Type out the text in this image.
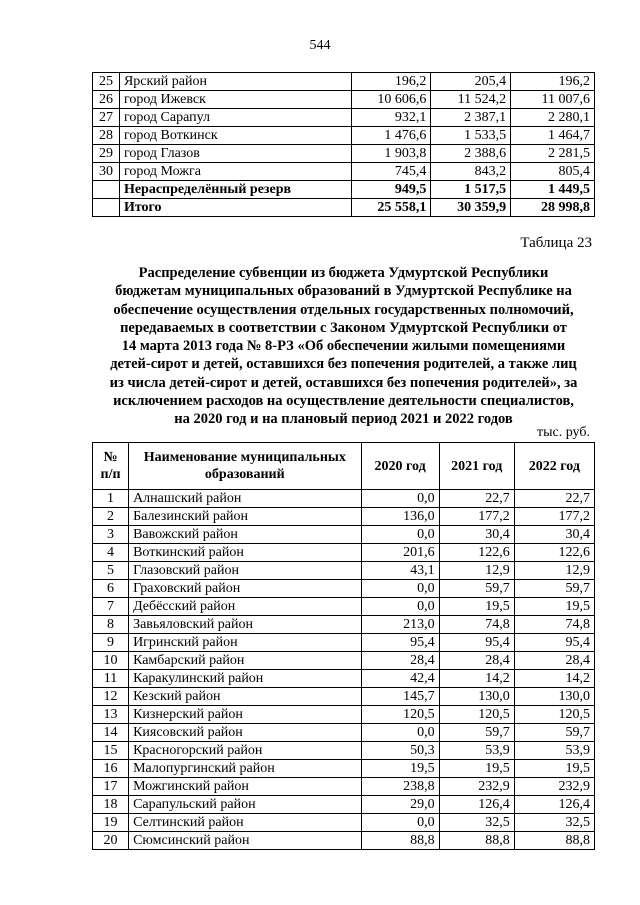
544
25	Ярский район	196,2	205,4	196,2
26	город Ижевск	10 606,6	11 524,2	11 007,6
27	город Сарапул	932,1	2 387,1	2 280,1
28	город Воткинск	1 476,6	1 533,5	1 464,7
29	город Глазов	1 903,8	2 388,6	2 281,5
30	город Можга	745,4	843,2	805,4
	Нераспределённый резерв	949,5	1 517,5	1 449,5
	Итого	25 558,1	30 359,9	28 998,8
Таблица 23
Распределение субвенции из бюджета Удмуртской Республики
бюджетам муниципальных образований в Удмуртской Республике на
обеспечение осуществления отдельных государственных полномочий,
передаваемых в соответствии с Законом Удмуртской Республики от
14 марта 2013 года № 8-РЗ «Об обеспечении жилыми помещениями
детей-сирот и детей, оставшихся без попечения родителей, а также лиц
из числа детей-сирот и детей, оставшихся без попечения родителей», за
исключением расходов на осуществление деятельности специалистов,
на 2020 год и на плановый период 2021 и 2022 годов
тыс. руб.
№
п/п	Наименование муниципальных образований	2020 год	2021 год	2022 год
1	Алнашский район	0,0	22,7	22,7
2	Балезинский район	136,0	177,2	177,2
3	Вавожский район	0,0	30,4	30,4
4	Воткинский район	201,6	122,6	122,6
5	Глазовский район	43,1	12,9	12,9
6	Граховский район	0,0	59,7	59,7
7	Дебёсский район	0,0	19,5	19,5
8	Завьяловский район	213,0	74,8	74,8
9	Игринский район	95,4	95,4	95,4
10	Камбарский район	28,4	28,4	28,4
11	Каракулинский район	42,4	14,2	14,2
12	Кезский район	145,7	130,0	130,0
13	Кизнерский район	120,5	120,5	120,5
14	Киясовский район	0,0	59,7	59,7
15	Красногорский район	50,3	53,9	53,9
16	Малопургинский район	19,5	19,5	19,5
17	Можгинский район	238,8	232,9	232,9
18	Сарапульский район	29,0	126,4	126,4
19	Селтинский район	0,0	32,5	32,5
20	Сюмсинский район	88,8	88,8	88,8
